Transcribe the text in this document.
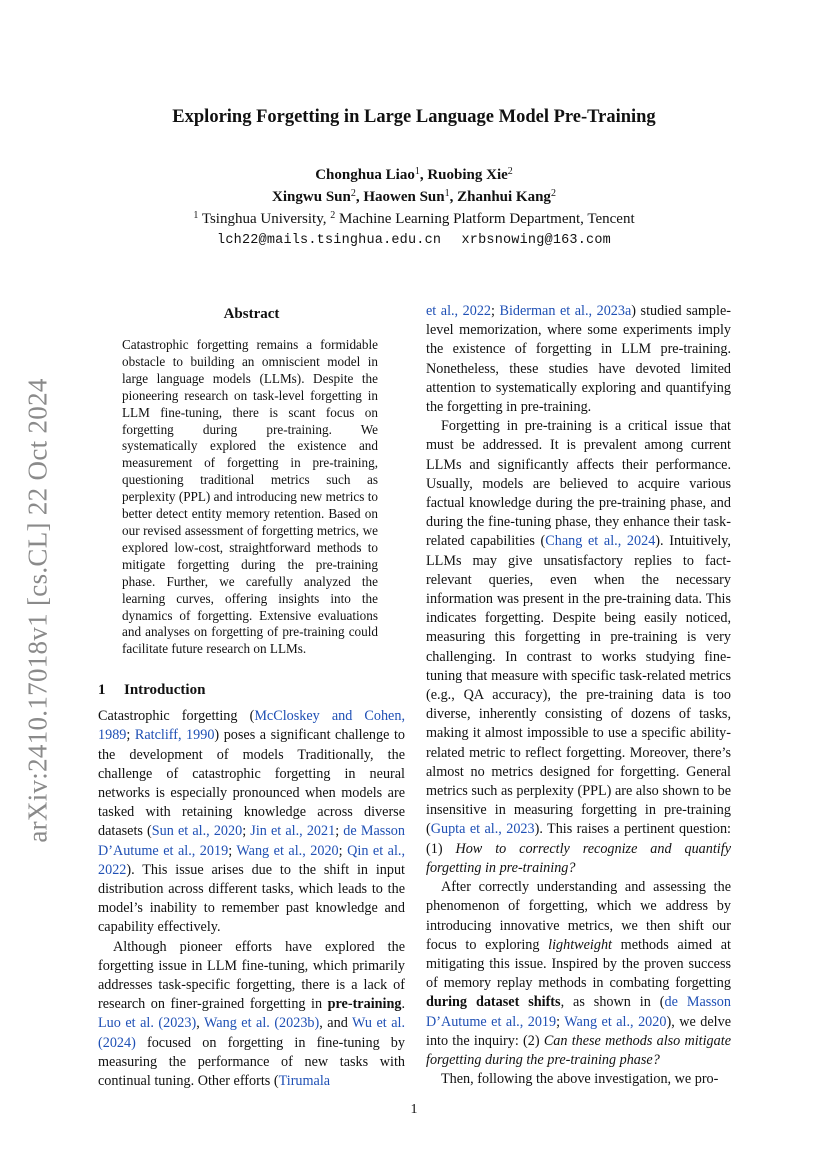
arXiv:2410.17018v1 [cs.CL] 22 Oct 2024
Exploring Forgetting in Large Language Model Pre-Training
Chonghua Liao$^1$, Ruobing Xie$^2$
Xingwu Sun$^2$, Haowen Sun$^1$, Zhanhui Kang$^2$
$^1$ Tsinghua University, $^2$ Machine Learning Platform Department, Tencent
lch22@mails.tsinghua.edu.cn xrbsnowing@163.com
Abstract
Catastrophic forgetting remains a formidable obstacle to building an omniscient model in large language models (LLMs). Despite the pioneering research on task-level forgetting in LLM fine-tuning, there is scant focus on forgetting during pre-training. We systematically explored the existence and measurement of forgetting in pre-training, questioning traditional metrics such as perplexity (PPL) and introducing new metrics to better detect entity memory retention. Based on our revised assessment of forgetting metrics, we explored low-cost, straightforward methods to mitigate forgetting during the pre-training phase. Further, we carefully analyzed the learning curves, offering insights into the dynamics of forgetting. Extensive evaluations and analyses on forgetting of pre-training could facilitate future research on LLMs.
1 Introduction

Catastrophic forgetting (McCloskey and Cohen, 1989; Ratcliff, 1990) poses a significant challenge to the development of models Traditionally, the challenge of catastrophic forgetting in neural networks is especially pronounced when models are tasked with retaining knowledge across diverse datasets (Sun et al., 2020; Jin et al., 2021; de Masson D’Autume et al., 2019; Wang et al., 2020; Qin et al., 2022). This issue arises due to the shift in input distribution across different tasks, which leads to the model’s inability to remember past knowledge and capability effectively.

Although pioneer efforts have explored the forgetting issue in LLM fine-tuning, which primarily addresses task-specific forgetting, there is a lack of research on finer-grained forgetting in pre-training. Luo et al. (2023), Wang et al. (2023b), and Wu et al. (2024) focused on forgetting in fine-tuning by measuring the performance of new tasks with continual tuning. Other efforts (Tirumala

et al., 2022; Biderman et al., 2023a) studied sample-level memorization, where some experiments imply the existence of forgetting in LLM pre-training. Nonetheless, these studies have devoted limited attention to systematically exploring and quantifying the forgetting in pre-training.

Forgetting in pre-training is a critical issue that must be addressed. It is prevalent among current LLMs and significantly affects their performance. Usually, models are believed to acquire various factual knowledge during the pre-training phase, and during the fine-tuning phase, they enhance their task-related capabilities (Chang et al., 2024). Intuitively, LLMs may give unsatisfactory replies to fact-relevant queries, even when the necessary information was present in the pre-training data. This indicates forgetting. Despite being easily noticed, measuring this forgetting in pre-training is very challenging. In contrast to works studying fine-tuning that measure with specific task-related metrics (e.g., QA accuracy), the pre-training data is too diverse, inherently consisting of dozens of tasks, making it almost impossible to use a specific ability-related metric to reflect forgetting. Moreover, there’s almost no metrics designed for forgetting. General metrics such as perplexity (PPL) are also shown to be insensitive in measuring forgetting in pre-training (Gupta et al., 2023). This raises a pertinent question: (1) How to correctly recognize and quantify forgetting in pre-training?

After correctly understanding and assessing the phenomenon of forgetting, which we address by introducing innovative metrics, we then shift our focus to exploring lightweight methods aimed at mitigating this issue. Inspired by the proven success of memory replay methods in combating forgetting during dataset shifts, as shown in (de Masson D’Autume et al., 2019; Wang et al., 2020), we delve into the inquiry: (2) Can these methods also mitigate forgetting during the pre-training phase?

Then, following the above investigation, we pro-

1
